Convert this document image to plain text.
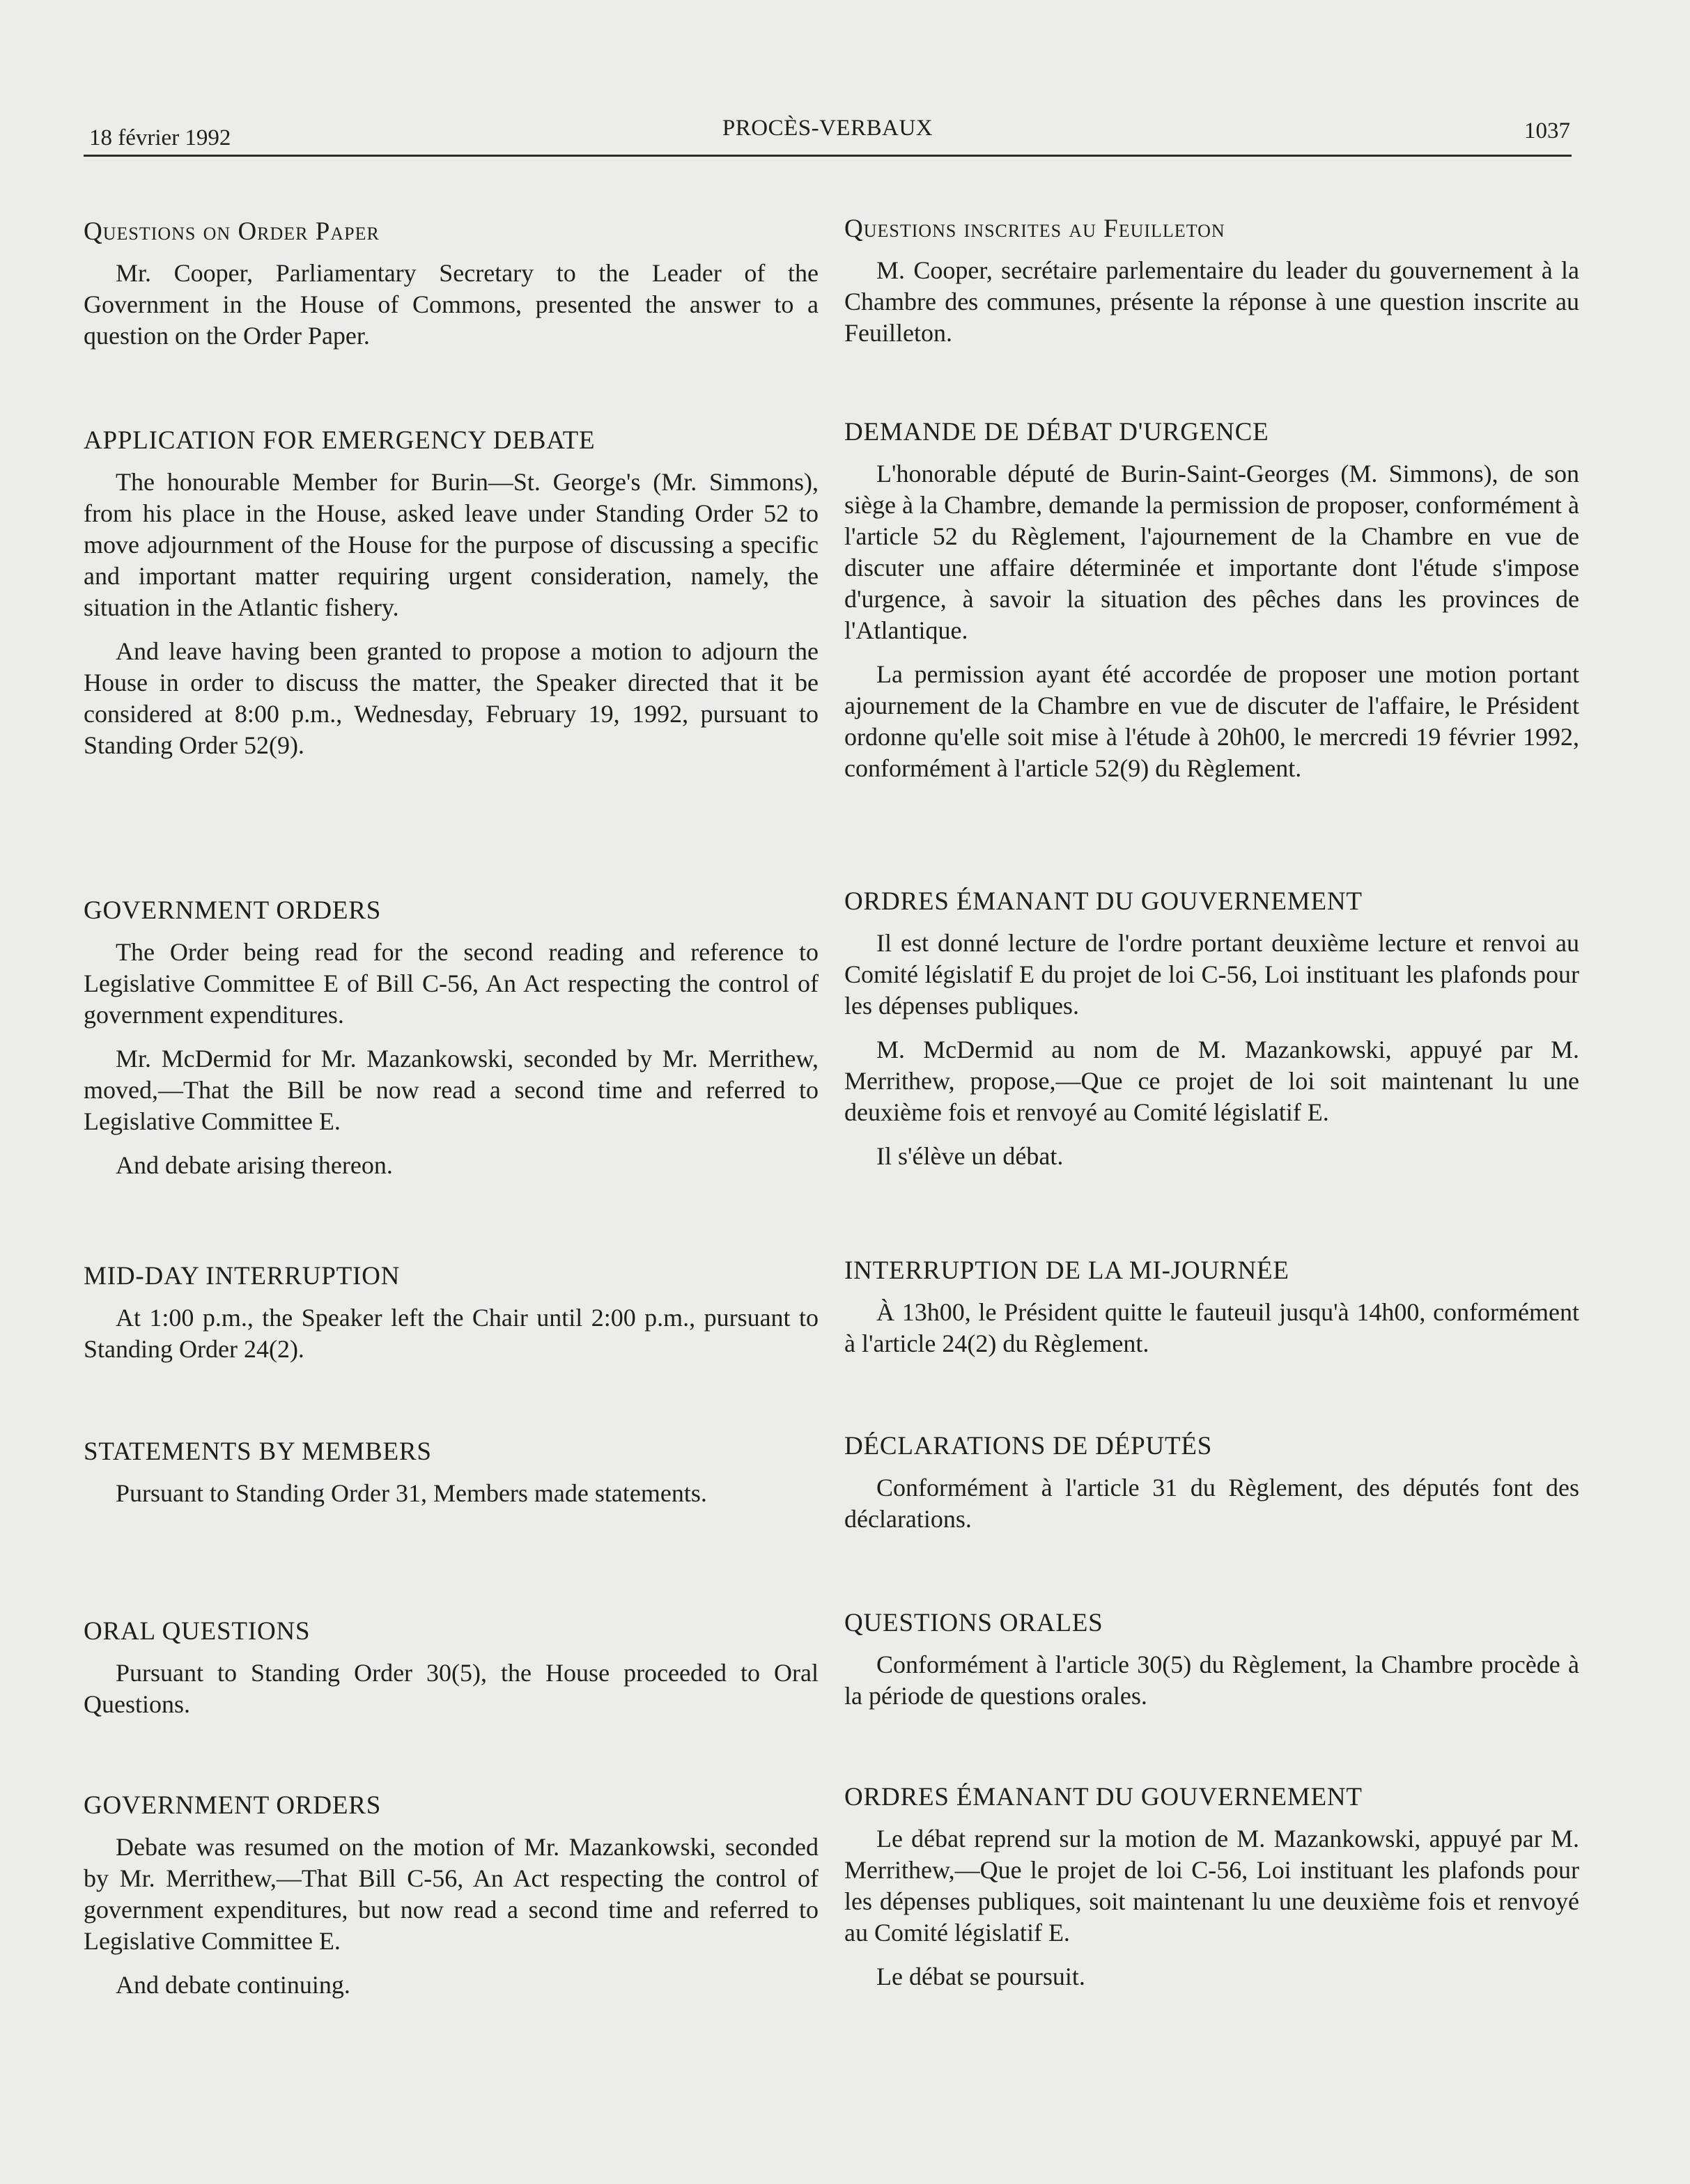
18 février 1992	PROCÈS-VERBAUX	1037
Questions on Order Paper

Mr. Cooper, Parliamentary Secretary to the Leader of the Government in the House of Commons, presented the answer to a question on the Order Paper.

APPLICATION FOR EMERGENCY DEBATE

The honourable Member for Burin—St. George's (Mr. Simmons), from his place in the House, asked leave under Standing Order 52 to move adjournment of the House for the purpose of discussing a specific and important matter requiring urgent consideration, namely, the situation in the Atlantic fishery.

And leave having been granted to propose a motion to adjourn the House in order to discuss the matter, the Speaker directed that it be considered at 8:00 p.m., Wednesday, February 19, 1992, pursuant to Standing Order 52(9).

GOVERNMENT ORDERS

The Order being read for the second reading and reference to Legislative Committee E of Bill C-56, An Act respecting the control of government expenditures.

Mr. McDermid for Mr. Mazankowski, seconded by Mr. Merrithew, moved,—That the Bill be now read a second time and referred to Legislative Committee E.

And debate arising thereon.

MID-DAY INTERRUPTION

At 1:00 p.m., the Speaker left the Chair until 2:00 p.m., pursuant to Standing Order 24(2).

STATEMENTS BY MEMBERS

Pursuant to Standing Order 31, Members made statements.

ORAL QUESTIONS

Pursuant to Standing Order 30(5), the House proceeded to Oral Questions.

GOVERNMENT ORDERS

Debate was resumed on the motion of Mr. Mazankowski, seconded by Mr. Merrithew,—That Bill C-56, An Act respecting the control of government expenditures, but now read a second time and referred to Legislative Committee E.

And debate continuing.

Questions inscrites au Feuilleton

M. Cooper, secrétaire parlementaire du leader du gouvernement à la Chambre des communes, présente la réponse à une question inscrite au Feuilleton.

DEMANDE DE DÉBAT D'URGENCE

L'honorable député de Burin-Saint-Georges (M. Simmons), de son siège à la Chambre, demande la permission de proposer, conformément à l'article 52 du Règlement, l'ajournement de la Chambre en vue de discuter une affaire déterminée et importante dont l'étude s'impose d'urgence, à savoir la situation des pêches dans les provinces de l'Atlantique.

La permission ayant été accordée de proposer une motion portant ajournement de la Chambre en vue de discuter de l'affaire, le Président ordonne qu'elle soit mise à l'étude à 20h00, le mercredi 19 février 1992, conformément à l'article 52(9) du Règlement.

ORDRES ÉMANANT DU GOUVERNEMENT

Il est donné lecture de l'ordre portant deuxième lecture et renvoi au Comité législatif E du projet de loi C-56, Loi instituant les plafonds pour les dépenses publiques.

M. McDermid au nom de M. Mazankowski, appuyé par M. Merrithew, propose,—Que ce projet de loi soit maintenant lu une deuxième fois et renvoyé au Comité législatif E.

Il s'élève un débat.

INTERRUPTION DE LA MI-JOURNÉE

À 13h00, le Président quitte le fauteuil jusqu'à 14h00, conformément à l'article 24(2) du Règlement.

DÉCLARATIONS DE DÉPUTÉS

Conformément à l'article 31 du Règlement, des députés font des déclarations.

QUESTIONS ORALES

Conformément à l'article 30(5) du Règlement, la Chambre procède à la période de questions orales.

ORDRES ÉMANANT DU GOUVERNEMENT

Le débat reprend sur la motion de M. Mazankowski, appuyé par M. Merrithew,—Que le projet de loi C-56, Loi instituant les plafonds pour les dépenses publiques, soit maintenant lu une deuxième fois et renvoyé au Comité législatif E.

Le débat se poursuit.
